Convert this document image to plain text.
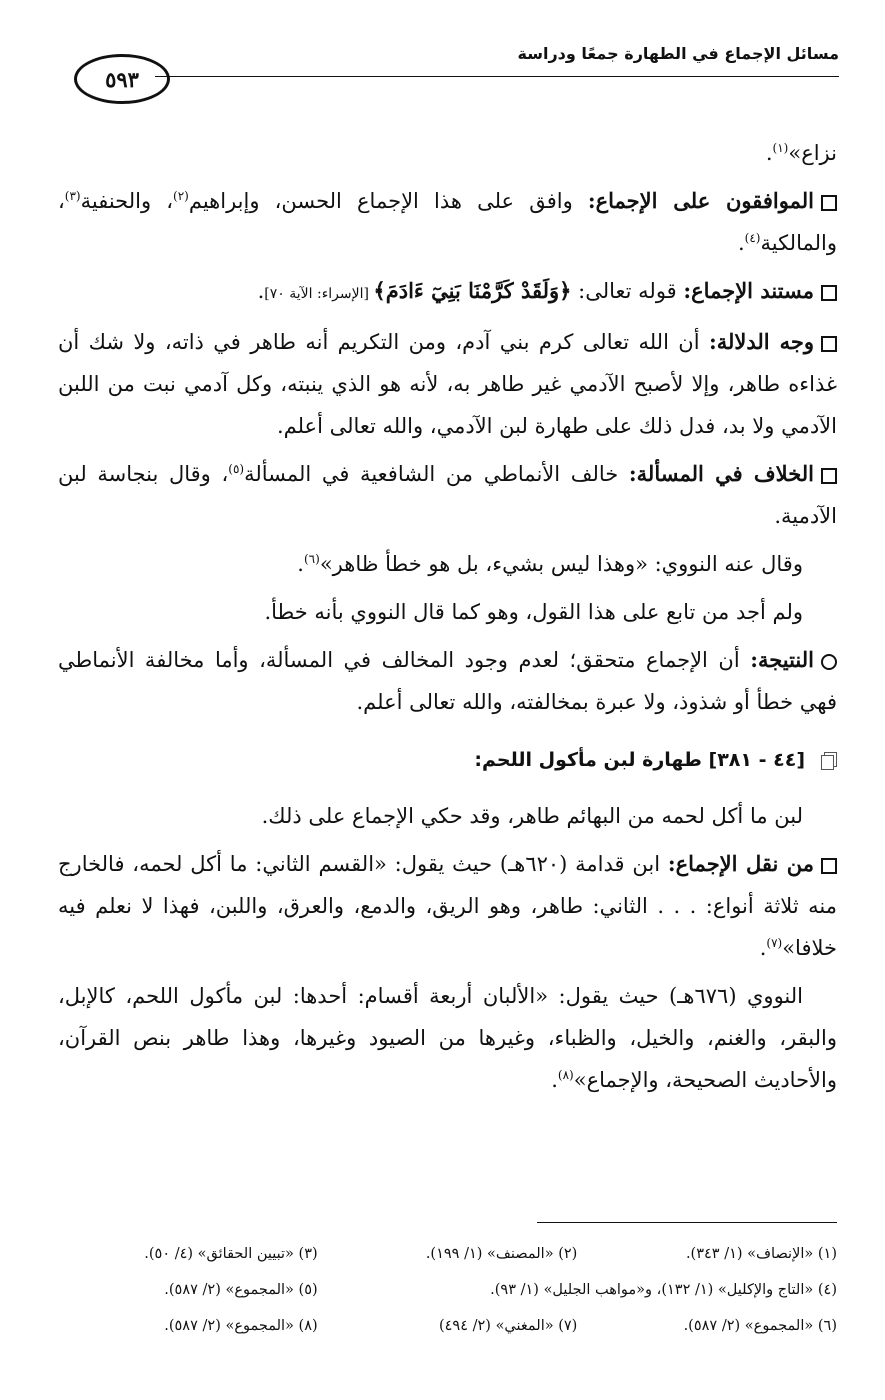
مسائل الإجماع في الطهارة جمعًا ودراسة
٥٩٣

نزاع»$^{(١)}$.

الموافقون على الإجماع: وافق على هذا الإجماع الحسن، وإبراهيم$^{(٢)}$، والحنفية$^{(٣)}$، والمالكية$^{(٤)}$.

مستند الإجماع: قوله تعالى: ﴿وَلَقَدْ كَرَّمْنَا بَنِيٓ ءَادَمَ﴾ [الإسراء: الآية ٧٠].

وجه الدلالة: أن الله تعالى كرم بني آدم، ومن التكريم أنه طاهر في ذاته، ولا شك أن غذاءه طاهر، وإلا لأصبح الآدمي غير طاهر به، لأنه هو الذي ينبته، وكل آدمي نبت من اللبن الآدمي ولا بد، فدل ذلك على طهارة لبن الآدمي، والله تعالى أعلم.

الخلاف في المسألة: خالف الأنماطي من الشافعية في المسألة$^{(٥)}$، وقال بنجاسة لبن الآدمية.

وقال عنه النووي: «وهذا ليس بشيء، بل هو خطأ ظاهر»$^{(٦)}$.

ولم أجد من تابع على هذا القول، وهو كما قال النووي بأنه خطأ.

النتيجة: أن الإجماع متحقق؛ لعدم وجود المخالف في المسألة، وأما مخالفة الأنماطي فهي خطأ أو شذوذ، ولا عبرة بمخالفته، والله تعالى أعلم.

[٤٤ - ٣٨١] طهارة لبن مأكول اللحم:

لبن ما أكل لحمه من البهائم طاهر، وقد حكي الإجماع على ذلك.

من نقل الإجماع: ابن قدامة (٦٢٠هـ) حيث يقول: «القسم الثاني: ما أكل لحمه، فالخارج منه ثلاثة أنواع: . . . الثاني: طاهر، وهو الريق، والدمع، والعرق، واللبن، فهذا لا نعلم فيه خلافا»$^{(٧)}$.

النووي (٦٧٦هـ) حيث يقول: «الألبان أربعة أقسام: أحدها: لبن مأكول اللحم، كالإبل، والبقر، والغنم، والخيل، والظباء، وغيرها من الصيود وغيرها، وهذا طاهر بنص القرآن، والأحاديث الصحيحة، والإجماع»$^{(٨)}$.

(١) «الإنصاف» (١/ ٣٤٣).
(٢) «المصنف» (١/ ١٩٩).
(٣) «تبيين الحقائق» (٤/ ٥٠).
(٤) «التاج والإكليل» (١/ ١٣٢)، و«مواهب الجليل» (١/ ٩٣).
(٥) «المجموع» (٢/ ٥٨٧).
(٦) «المجموع» (٢/ ٥٨٧).
(٧) «المغني» (٢/ ٤٩٤)
(٨) «المجموع» (٢/ ٥٨٧).
